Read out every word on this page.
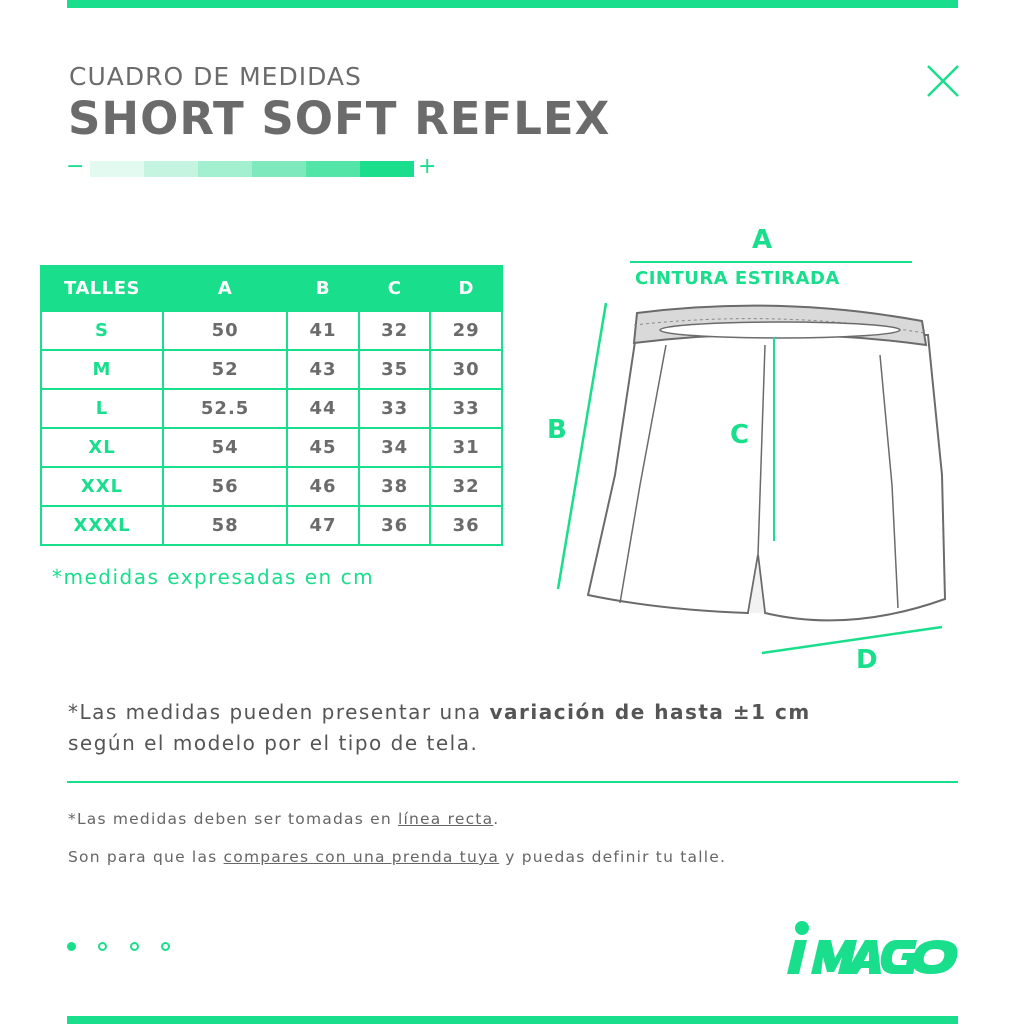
CUADRO DE MEDIDAS
SHORT SOFT REFLEX
−	+
TALLES	A	B	C	D
S	50	41	32	29
M	52	43	35	30
L	52.5	44	33	33
XL	54	45	34	31
XXL	56	46	38	32
XXXL	58	47	36	36

*medidas expresadas en cm

A
CINTURA ESTIRADA
B	C
D

*Las medidas pueden presentar una variación de hasta ±1 cm
según el modelo por el tipo de tela.

*Las medidas deben ser tomadas en línea recta.

Son para que las compares con una prenda tuya y puedas definir tu talle.
